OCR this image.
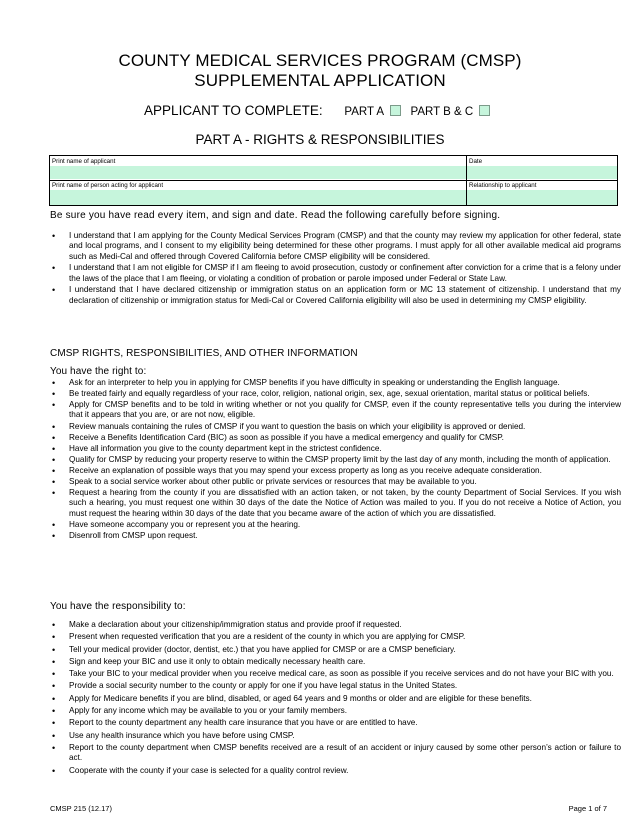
COUNTY MEDICAL SERVICES PROGRAM (CMSP)
SUPPLEMENTAL APPLICATION
APPLICANT TO COMPLETE: PART A PART B & C
PART A - RIGHTS & RESPONSIBILITIES
Print name of applicant	Date
Print name of person acting for applicant	Relationship to applicant
Be sure you have read every item, and sign and date. Read the following carefully before signing.
• I understand that I am applying for the County Medical Services Program (CMSP) and that the county may review my application for other federal, state and local programs, and I consent to my eligibility being determined for these other programs. I must apply for all other available medical aid programs such as Medi-Cal and offered through Covered California before CMSP eligibility will be considered.
• I understand that I am not eligible for CMSP if I am fleeing to avoid prosecution, custody or confinement after conviction for a crime that is a felony under the laws of the place that I am fleeing, or violating a condition of probation or parole imposed under Federal or State Law.
• I understand that I have declared citizenship or immigration status on an application form or MC 13 statement of citizenship. I understand that my declaration of citizenship or immigration status for Medi-Cal or Covered California eligibility will also be used in determining my CMSP eligibility.
CMSP RIGHTS, RESPONSIBILITIES, AND OTHER INFORMATION
You have the right to:
• Ask for an interpreter to help you in applying for CMSP benefits if you have difficulty in speaking or understanding the English language.
• Be treated fairly and equally regardless of your race, color, religion, national origin, sex, age, sexual orientation, marital status or political beliefs.
• Apply for CMSP benefits and to be told in writing whether or not you qualify for CMSP, even if the county representative tells you during the interview that it appears that you are, or are not now, eligible.
• Review manuals containing the rules of CMSP if you want to question the basis on which your eligibility is approved or denied.
• Receive a Benefits Identification Card (BIC) as soon as possible if you have a medical emergency and qualify for CMSP.
• Have all information you give to the county department kept in the strictest confidence.
• Qualify for CMSP by reducing your property reserve to within the CMSP property limit by the last day of any month, including the month of application.
• Receive an explanation of possible ways that you may spend your excess property as long as you receive adequate consideration.
• Speak to a social service worker about other public or private services or resources that may be available to you.
• Request a hearing from the county if you are dissatisfied with an action taken, or not taken, by the county Department of Social Services. If you wish such a hearing, you must request one within 30 days of the date the Notice of Action was mailed to you. If you do not receive a Notice of Action, you must request the hearing within 30 days of the date that you became aware of the action of which you are dissatisfied.
• Have someone accompany you or represent you at the hearing.
• Disenroll from CMSP upon request.
You have the responsibility to:
• Make a declaration about your citizenship/immigration status and provide proof if requested.
• Present when requested verification that you are a resident of the county in which you are applying for CMSP.
• Tell your medical provider (doctor, dentist, etc.) that you have applied for CMSP or are a CMSP beneficiary.
• Sign and keep your BIC and use it only to obtain medically necessary health care.
• Take your BIC to your medical provider when you receive medical care, as soon as possible if you receive services and do not have your BIC with you.
• Provide a social security number to the county or apply for one if you have legal status in the United States.
• Apply for Medicare benefits if you are blind, disabled, or aged 64 years and 9 months or older and are eligible for these benefits.
• Apply for any income which may be available to you or your family members.
• Report to the county department any health care insurance that you have or are entitled to have.
• Use any health insurance which you have before using CMSP.
• Report to the county department when CMSP benefits received are a result of an accident or injury caused by some other person’s action or failure to act.
• Cooperate with the county if your case is selected for a quality control review.
CMSP 215 (12.17)	Page 1 of 7
